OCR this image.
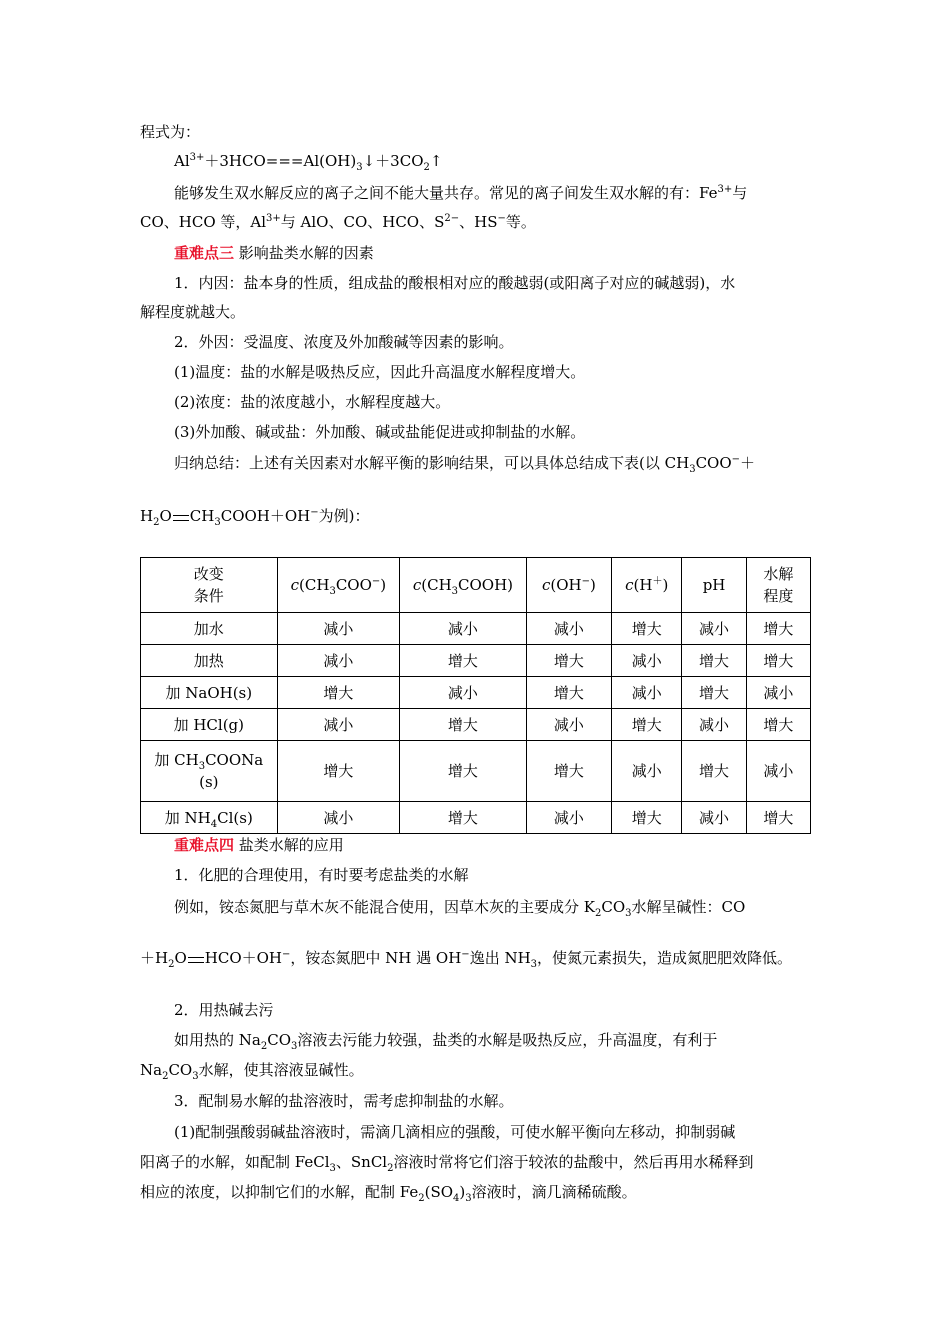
程式为：
$Al^{3+}+3HCO===Al(OH)_3↓+3CO_2↑$
能够发生双水解反应的离子之间不能大量共存。常见的离子间发生双水解的有：$Fe^{3+}$与
CO、HCO 等，$Al^{3+}$与 AlO、CO、HCO、$S^{2-}$、HS−等。
重难点三 影响盐类水解的因素
1．内因：盐本身的性质，组成盐的酸根相对应的酸越弱(或阳离子对应的碱越弱)，水
解程度就越大。
2．外因：受温度、浓度及外加酸碱等因素的影响。
(1)温度：盐的水解是吸热反应，因此升高温度水解程度增大。
(2)浓度：盐的浓度越小，水解程度越大。
(3)外加酸、碱或盐：外加酸、碱或盐能促进或抑制盐的水解。
归纳总结：上述有关因素对水解平衡的影响结果，可以具体总结成下表(以 $CH_3COO^-+$
$H_2O$ $CH_3COOH+OH^-$为例)：
改变
条件	$c(CH_3COO^-)$	$c(CH_3COOH)$	c(OH−)	c(H＋)	pH	水解
程度
加水	减小	减小	减小	增大	减小	增大
加热	减小	增大	增大	减小	增大	增大
加 NaOH(s)	增大	减小	增大	减小	增大	减小
加 HCl(g)	减小	增大	减小	增大	减小	增大
加 $CH_3COONa$
(s)	增大	增大	增大	减小	增大	减小
加 $NH_4Cl(s)$	减小	增大	减小	增大	减小	增大
重难点四 盐类水解的应用
1．化肥的合理使用，有时要考虑盐类的水解
例如，铵态氮肥与草木灰不能混合使用，因草木灰的主要成分 $K_2CO_3$水解呈碱性：CO
$+H_2O$ HCO＋OH−，铵态氮肥中 NH 遇 OH−逸出 $NH_3$，使氮元素损失，造成氮肥肥效降低。
2．用热碱去污
如用热的 $Na_2CO_3$溶液去污能力较强，盐类的水解是吸热反应，升高温度，有利于
$Na_2CO_3$水解，使其溶液显碱性。
3．配制易水解的盐溶液时，需考虑抑制盐的水解。
(1)配制强酸弱碱盐溶液时，需滴几滴相应的强酸，可使水解平衡向左移动，抑制弱碱
阳离子的水解，如配制 FeCl$_3$、SnCl$_2$溶液时常将它们溶于较浓的盐酸中，然后再用水稀释到
相应的浓度，以抑制它们的水解，配制 $Fe_2(SO_4)_3$溶液时，滴几滴稀硫酸。
